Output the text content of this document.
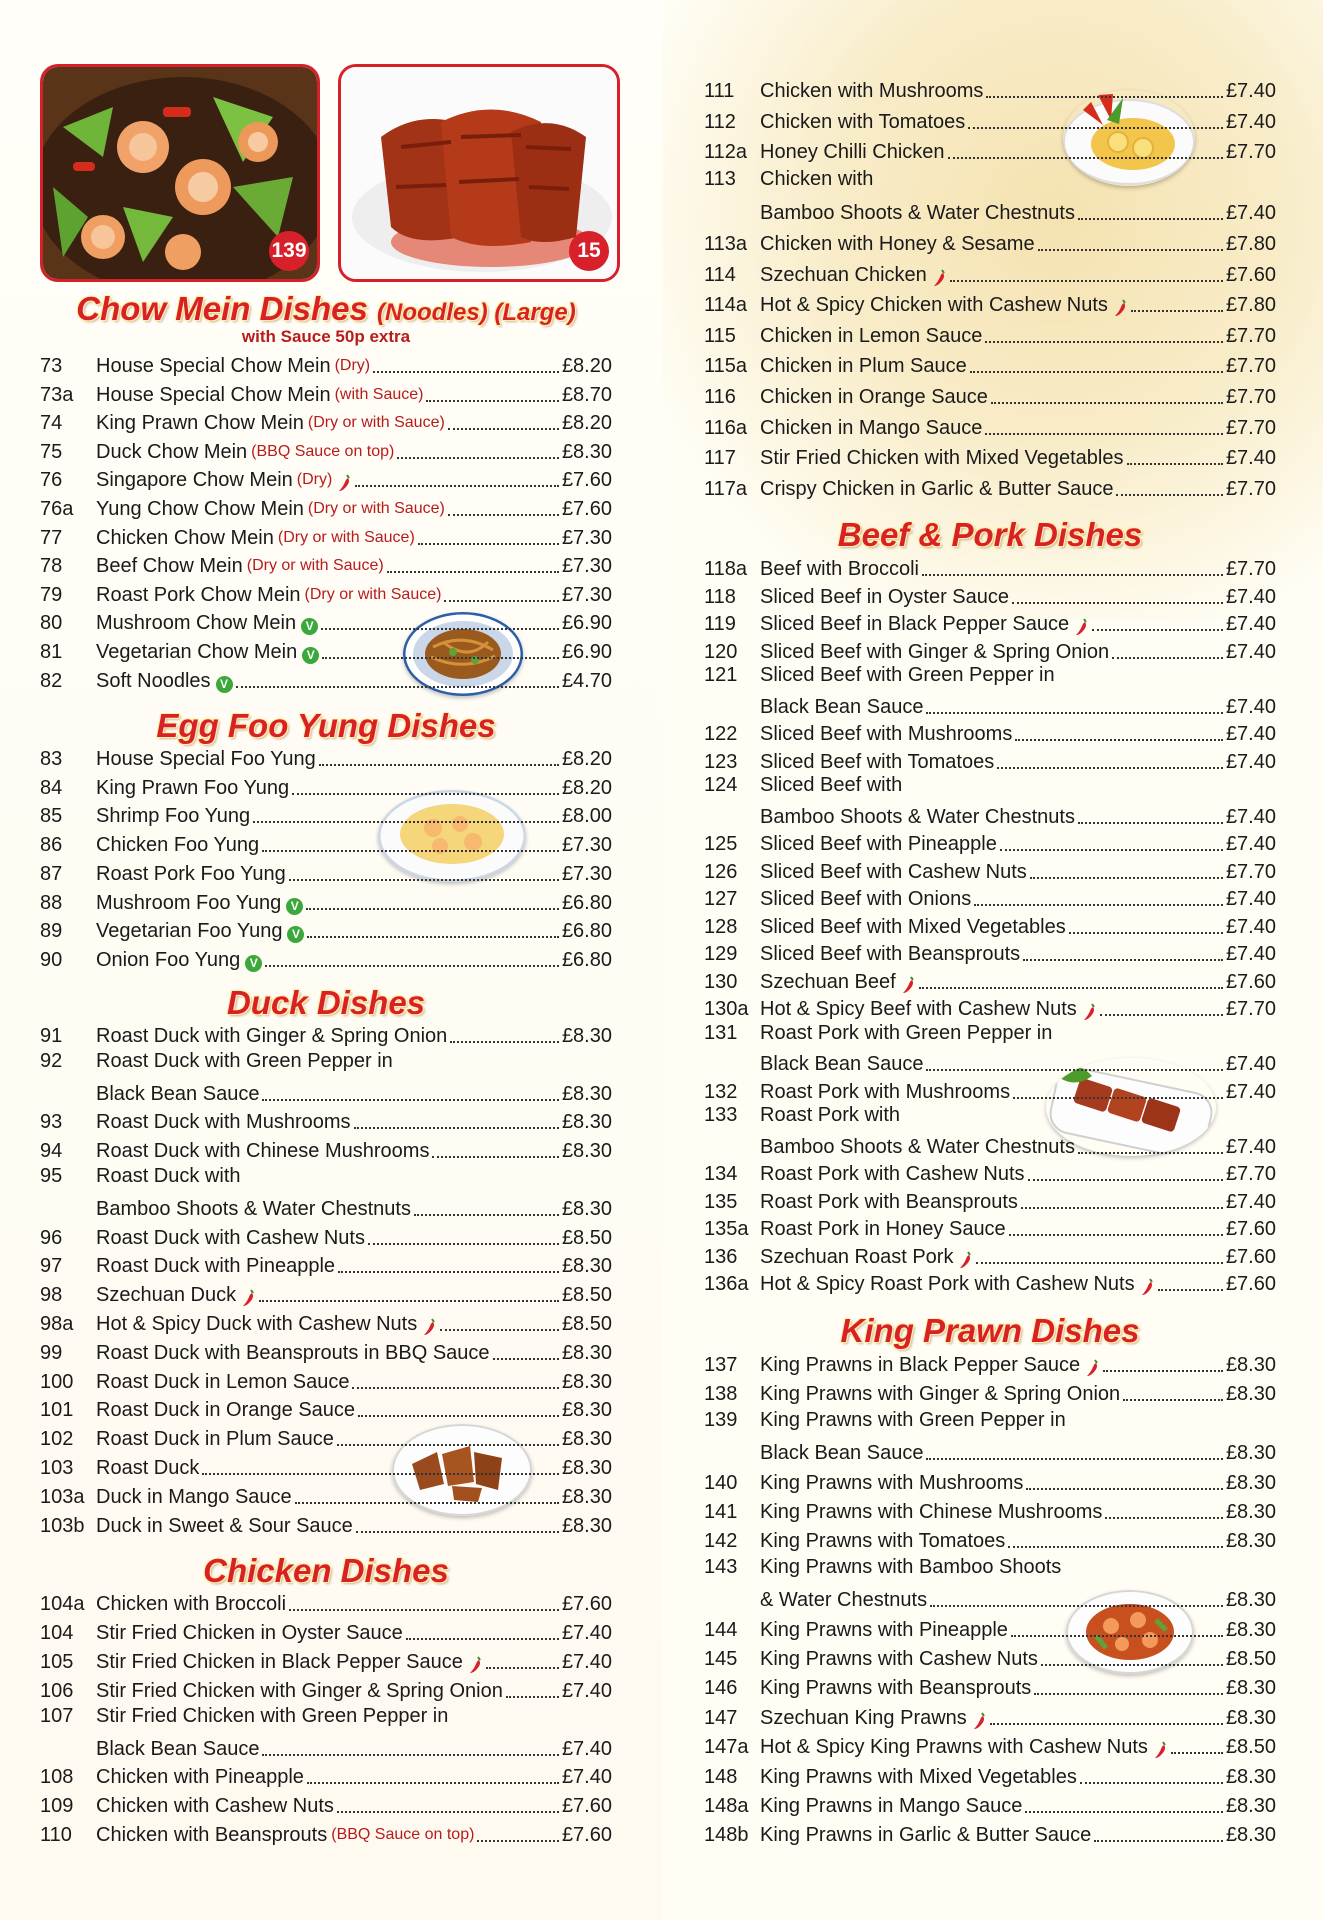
139	15
Chow Mein Dishes (Noodles) (Large)
with Sauce 50p extra
73	House Special Chow Mein (Dry)	£8.20
73a	House Special Chow Mein (with Sauce)	£8.70
74	King Prawn Chow Mein (Dry or with Sauce)	£8.20
75	Duck Chow Mein (BBQ Sauce on top)	£8.30
76	Singapore Chow Mein (Dry)	£7.60
76a	Yung Chow Chow Mein (Dry or with Sauce)	£7.60
77	Chicken Chow Mein (Dry or with Sauce)	£7.30
78	Beef Chow Mein (Dry or with Sauce)	£7.30
79	Roast Pork Chow Mein (Dry or with Sauce)	£7.30
80	Mushroom Chow Mein V	£6.90
81	Vegetarian Chow Mein V	£6.90
82	Soft Noodles V	£4.70
Egg Foo Yung Dishes
83	House Special Foo Yung	£8.20
84	King Prawn Foo Yung	£8.20
85	Shrimp Foo Yung	£8.00
86	Chicken Foo Yung	£7.30
87	Roast Pork Foo Yung	£7.30
88	Mushroom Foo Yung V	£6.80
89	Vegetarian Foo Yung V	£6.80
90	Onion Foo Yung V	£6.80
Duck Dishes
91	Roast Duck with Ginger & Spring Onion	£8.30
92 Roast Duck with Green Pepper in
Black Bean Sauce	£8.30
93	Roast Duck with Mushrooms	£8.30
94	Roast Duck with Chinese Mushrooms	£8.30
95 Roast Duck with
Bamboo Shoots & Water Chestnuts	£8.30
96	Roast Duck with Cashew Nuts	£8.50
97	Roast Duck with Pineapple	£8.30
98	Szechuan Duck	£8.50
98a	Hot & Spicy Duck with Cashew Nuts	£8.50
99	Roast Duck with Beansprouts in BBQ Sauce	£8.30
100	Roast Duck in Lemon Sauce	£8.30
101	Roast Duck in Orange Sauce	£8.30
102	Roast Duck in Plum Sauce	£8.30
103	Roast Duck	£8.30
103a Duck in Mango Sauce	£8.30
103b Duck in Sweet & Sour Sauce	£8.30
Chicken Dishes
104a Chicken with Broccoli	£7.60
104	Stir Fried Chicken in Oyster Sauce	£7.40
105	Stir Fried Chicken in Black Pepper Sauce	£7.40
106	Stir Fried Chicken with Ginger & Spring Onion	£7.40
107 Stir Fried Chicken with Green Pepper in
Black Bean Sauce	£7.40
108	Chicken with Pineapple	£7.40
109	Chicken with Cashew Nuts	£7.60
110	Chicken with Beansprouts (BBQ Sauce on top)	£7.60
111	Chicken with Mushrooms	£7.40
112	Chicken with Tomatoes	£7.40
112a Honey Chilli Chicken	£7.70
113 Chicken with
Bamboo Shoots & Water Chestnuts	£7.40
113a Chicken with Honey & Sesame	£7.80
114	Szechuan Chicken	£7.60
114a Hot & Spicy Chicken with Cashew Nuts	£7.80
115	Chicken in Lemon Sauce	£7.70
115a Chicken in Plum Sauce	£7.70
116	Chicken in Orange Sauce	£7.70
116a Chicken in Mango Sauce	£7.70
117	Stir Fried Chicken with Mixed Vegetables	£7.40
117a Crispy Chicken in Garlic & Butter Sauce	£7.70
Beef & Pork Dishes
118a Beef with Broccoli	£7.70
118	Sliced Beef in Oyster Sauce	£7.40
119	Sliced Beef in Black Pepper Sauce	£7.40
120	Sliced Beef with Ginger & Spring Onion	£7.40
121 Sliced Beef with Green Pepper in
Black Bean Sauce	£7.40
122	Sliced Beef with Mushrooms	£7.40
123	Sliced Beef with Tomatoes	£7.40
124 Sliced Beef with
Bamboo Shoots & Water Chestnuts	£7.40
125	Sliced Beef with Pineapple	£7.40
126	Sliced Beef with Cashew Nuts	£7.70
127	Sliced Beef with Onions	£7.40
128	Sliced Beef with Mixed Vegetables	£7.40
129	Sliced Beef with Beansprouts	£7.40
130	Szechuan Beef	£7.60
130a Hot & Spicy Beef with Cashew Nuts	£7.70
131 Roast Pork with Green Pepper in
Black Bean Sauce	£7.40
132	Roast Pork with Mushrooms	£7.40
133 Roast Pork with
Bamboo Shoots & Water Chestnuts	£7.40
134	Roast Pork with Cashew Nuts	£7.70
135	Roast Pork with Beansprouts	£7.40
135a Roast Pork in Honey Sauce	£7.60
136	Szechuan Roast Pork	£7.60
136a Hot & Spicy Roast Pork with Cashew Nuts	£7.60
King Prawn Dishes
137	King Prawns in Black Pepper Sauce	£8.30
138	King Prawns with Ginger & Spring Onion	£8.30
139 King Prawns with Green Pepper in
Black Bean Sauce	£8.30
140	King Prawns with Mushrooms	£8.30
141	King Prawns with Chinese Mushrooms	£8.30
142	King Prawns with Tomatoes	£8.30
143 King Prawns with Bamboo Shoots
& Water Chestnuts	£8.30
144	King Prawns with Pineapple	£8.30
145	King Prawns with Cashew Nuts	£8.50
146	King Prawns with Beansprouts	£8.30
147	Szechuan King Prawns	£8.30
147a Hot & Spicy King Prawns with Cashew Nuts	£8.50
148	King Prawns with Mixed Vegetables	£8.30
148a King Prawns in Mango Sauce	£8.30
148b King Prawns in Garlic & Butter Sauce	£8.30
